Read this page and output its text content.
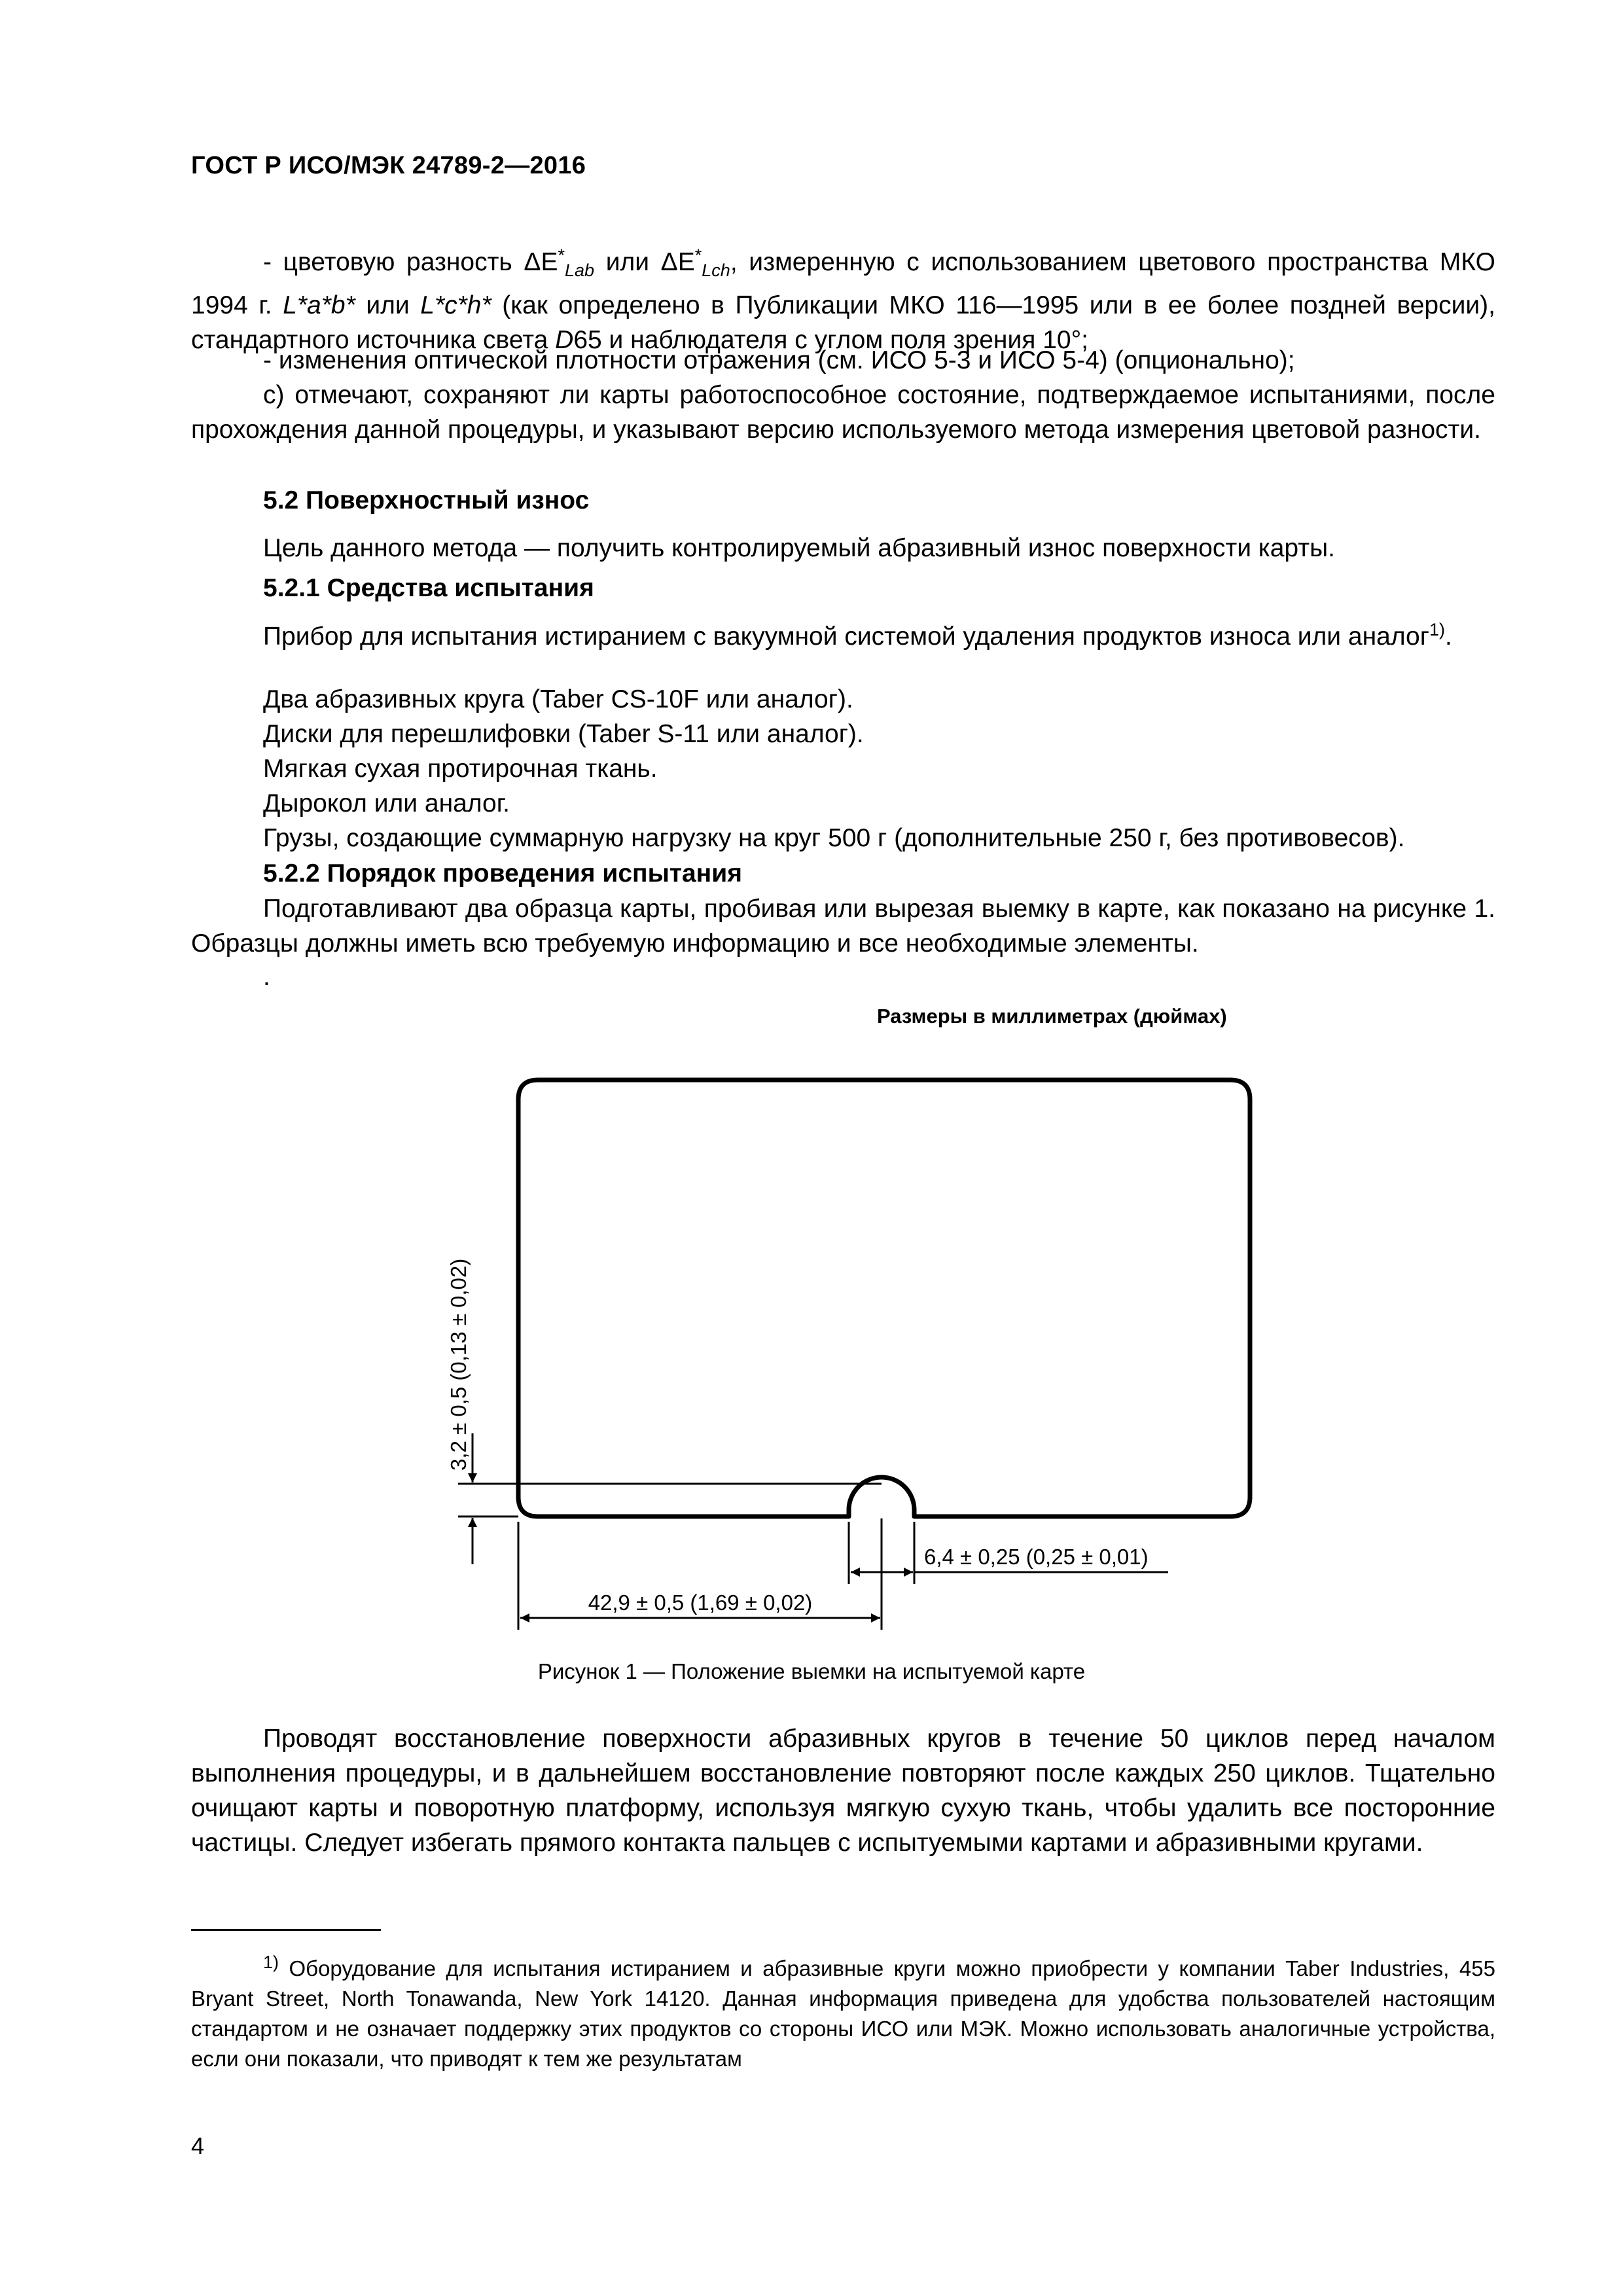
ГОСТ Р ИСО/МЭК 24789-2—2016
- цветовую разность $\Delta E^*_{Lab}$ или $\Delta E^*_{Lch}$, измеренную с использованием цветового пространства МКО 1994 г. L*a*b* или L*c*h* (как определено в Публикации МКО 116—1995 или в ее более поздней версии), стандартного источника света D65 и наблюдателя с углом поля зрения 10°;
- изменения оптической плотности отражения (см. ИСО 5-3 и ИСО 5-4) (опционально);
c) отмечают, сохраняют ли карты работоспособное состояние, подтверждаемое испытаниями, после прохождения данной процедуры, и указывают версию используемого метода измерения цветовой разности.
5.2 Поверхностный износ
Цель данного метода — получить контролируемый абразивный износ поверхности карты.
5.2.1 Средства испытания
Прибор для испытания истиранием с вакуумной системой удаления продуктов износа или аналог$^{1)}$.
Два абразивных круга (Taber CS-10F или аналог).
Диски для перешлифовки (Taber S-11 или аналог).
Мягкая сухая протирочная ткань.
Дырокол или аналог.
Грузы, создающие суммарную нагрузку на круг 500 г (дополнительные 250 г, без противовесов).
5.2.2 Порядок проведения испытания
Подготавливают два образца карты, пробивая или вырезая выемку в карте, как показано на рисунке 1. Образцы должны иметь всю требуемую информацию и все необходимые элементы.
.
Размеры в миллиметрах (дюймах)
3,2 ± 0,5 (0,13 ± 0,02)
6,4 ± 0,25 (0,25 ± 0,01)
42,9 ± 0,5 (1,69 ± 0,02)
Рисунок 1 — Положение выемки на испытуемой карте
Проводят восстановление поверхности абразивных кругов в течение 50 циклов перед началом выполнения процедуры, и в дальнейшем восстановление повторяют после каждых 250 циклов. Тщательно очищают карты и поворотную платформу, используя мягкую сухую ткань, чтобы удалить все посторонние частицы. Следует избегать прямого контакта пальцев с испытуемыми картами и абразивными кругами.
$^{1)}$ Оборудование для испытания истиранием и абразивные круги можно приобрести у компании Taber Industries, 455 Bryant Street, North Tonawanda, New York 14120. Данная информация приведена для удобства пользователей настоящим стандартом и не означает поддержку этих продуктов со стороны ИСО или МЭК. Можно использовать аналогичные устройства, если они показали, что приводят к тем же результатам
4
